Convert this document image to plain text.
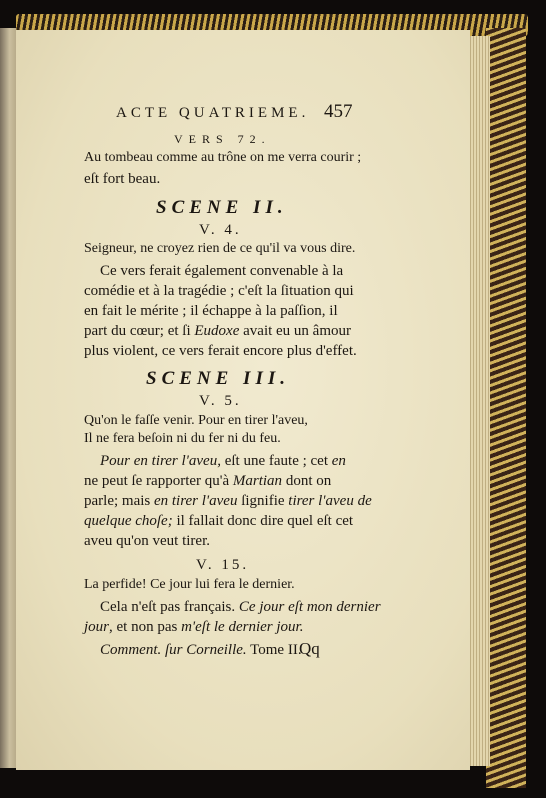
ACTE QUATRIEME. 457
VERS 72.
Au tombeau comme au trône on me verra courir ;
eſt fort beau.
SCENE II.
V. 4.
Seigneur, ne croyez rien de ce qu'il va vous dire.
Ce vers ferait également convenable à la
comédie et à la tragédie ; c'eſt la ſituation qui
en fait le mérite ; il échappe à la paſſion, il
part du cœur; et ſi Eudoxe avait eu un âmour
plus violent, ce vers ferait encore plus d'effet.
SCENE III.
V. 5.
Qu'on le faſſe venir. Pour en tirer l'aveu,
Il ne fera beſoin ni du fer ni du feu.
Pour en tirer l'aveu, eſt une faute ; cet en
ne peut ſe rapporter qu'à Martian dont on
parle; mais en tirer l'aveu ſignifie tirer l'aveu de
quelque choſe; il fallait donc dire quel eſt cet
aveu qu'on veut tirer.
V. 15.
La perfide! Ce jour lui fera le dernier.
Cela n'eſt pas français. Ce jour eſt mon dernier
jour, et non pas m'eſt le dernier jour.
Comment. ſur Corneille. Tome II.
Qq
